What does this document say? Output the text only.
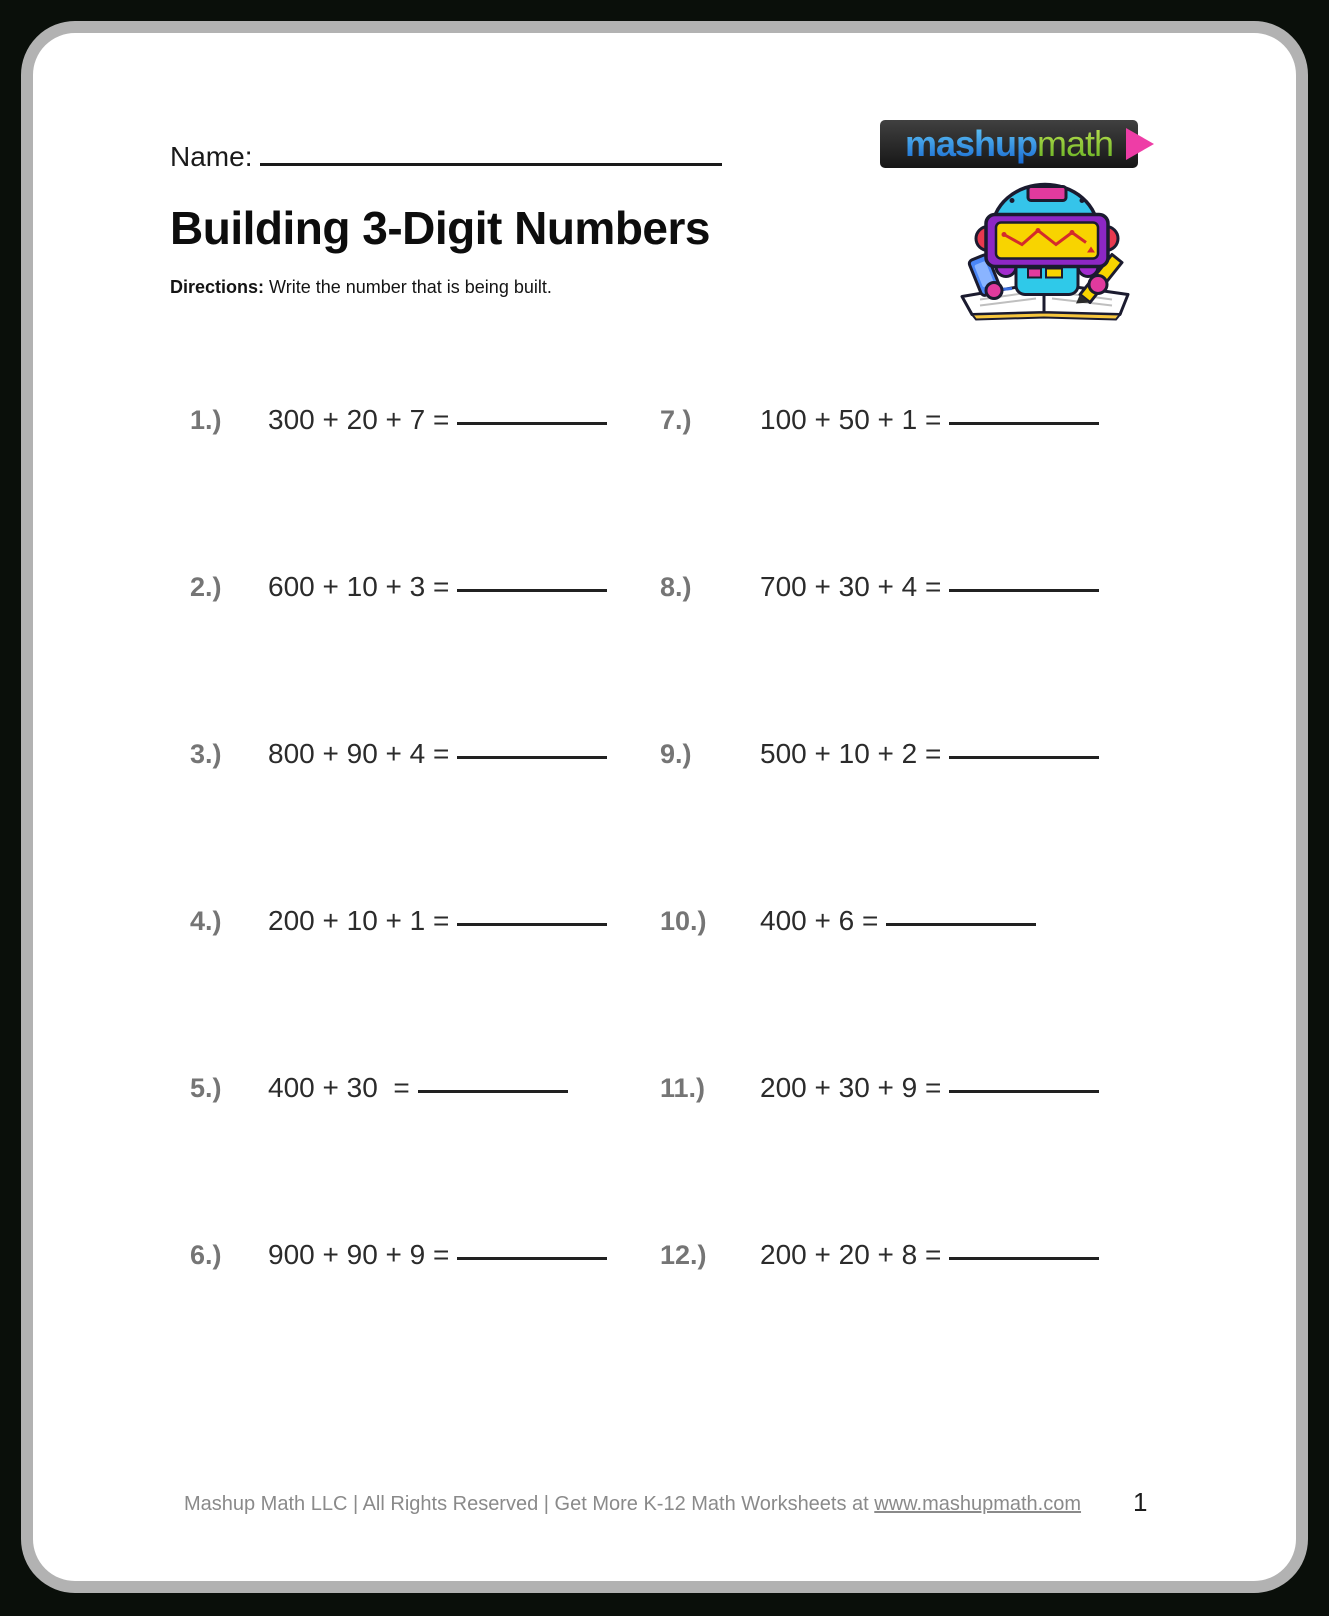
Name:
Building 3-Digit Numbers
Directions: Write the number that is being built.
mashup math
1.)	300 + 20 + 7 =
2.)	600 + 10 + 3 =
3.)	800 + 90 + 4 =
4.)	200 + 10 + 1 =
5.)	400 + 30  =
6.)	900 + 90 + 9 =
7.)	100 + 50 + 1 =
8.)	700 + 30 + 4 =
9.)	500 + 10 + 2 =
10.)	400 + 6 =
11.)	200 + 30 + 9 =
12.)	200 + 20 + 8 =
Mashup Math LLC | All Rights Reserved | Get More K-12 Math Worksheets at www.mashupmath.com	1
